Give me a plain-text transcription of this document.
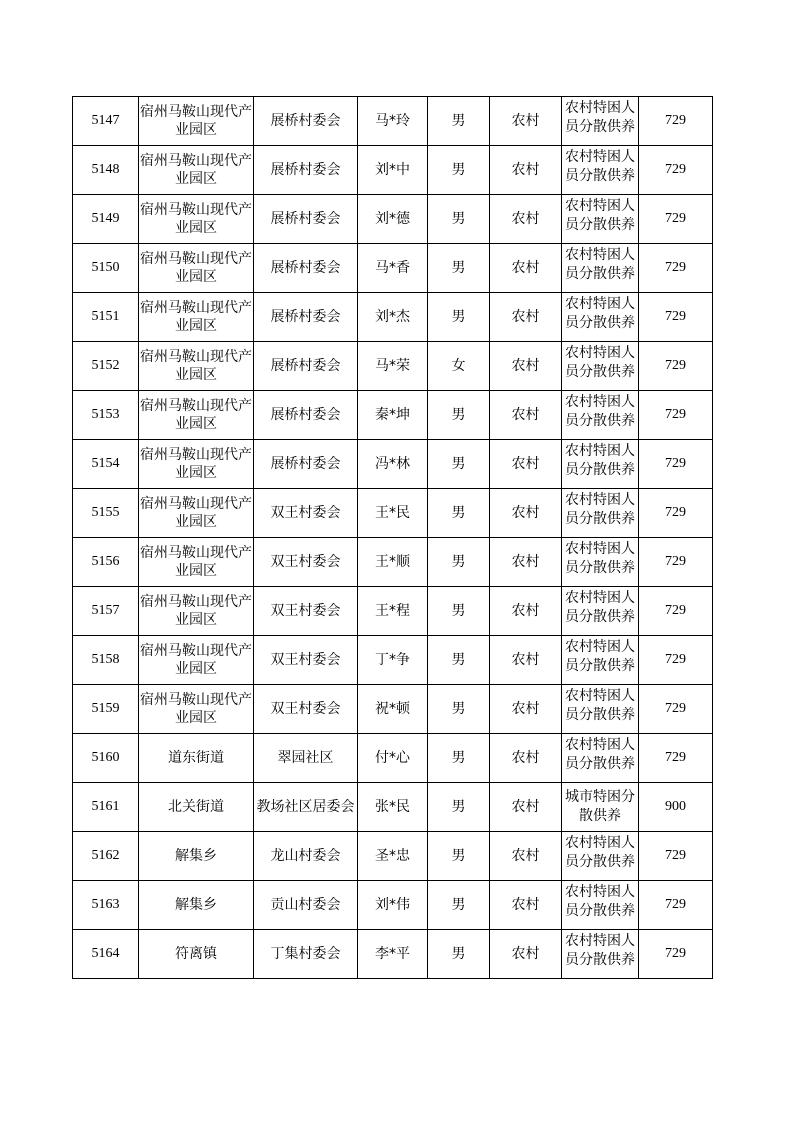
5147	宿州马鞍山现代产业园区	展桥村委会	马*玲	男	农村	农村特困人员分散供养	729

5148	宿州马鞍山现代产业园区	展桥村委会	刘*中	男	农村	农村特困人员分散供养	729

5149	宿州马鞍山现代产业园区	展桥村委会	刘*德	男	农村	农村特困人员分散供养	729

5150	宿州马鞍山现代产业园区	展桥村委会	马*香	男	农村	农村特困人员分散供养	729

5151	宿州马鞍山现代产业园区	展桥村委会	刘*杰	男	农村	农村特困人员分散供养	729

5152	宿州马鞍山现代产业园区	展桥村委会	马*荣	女	农村	农村特困人员分散供养	729

5153	宿州马鞍山现代产业园区	展桥村委会	秦*坤	男	农村	农村特困人员分散供养	729

5154	宿州马鞍山现代产业园区	展桥村委会	冯*林	男	农村	农村特困人员分散供养	729

5155	宿州马鞍山现代产业园区	双王村委会	王*民	男	农村	农村特困人员分散供养	729

5156	宿州马鞍山现代产业园区	双王村委会	王*顺	男	农村	农村特困人员分散供养	729

5157	宿州马鞍山现代产业园区	双王村委会	王*程	男	农村	农村特困人员分散供养	729

5158	宿州马鞍山现代产业园区	双王村委会	丁*争	男	农村	农村特困人员分散供养	729

5159	宿州马鞍山现代产业园区	双王村委会	祝*顿	男	农村	农村特困人员分散供养	729

5160	道东街道	翠园社区	付*心	男	农村	农村特困人员分散供养	729

5161	北关街道	教场社区居委会	张*民	男	农村	城市特困分散供养	900

5162	解集乡	龙山村委会	圣*忠	男	农村	农村特困人员分散供养	729

5163	解集乡	贡山村委会	刘*伟	男	农村	农村特困人员分散供养	729

5164	符离镇	丁集村委会	李*平	男	农村	农村特困人员分散供养	729
